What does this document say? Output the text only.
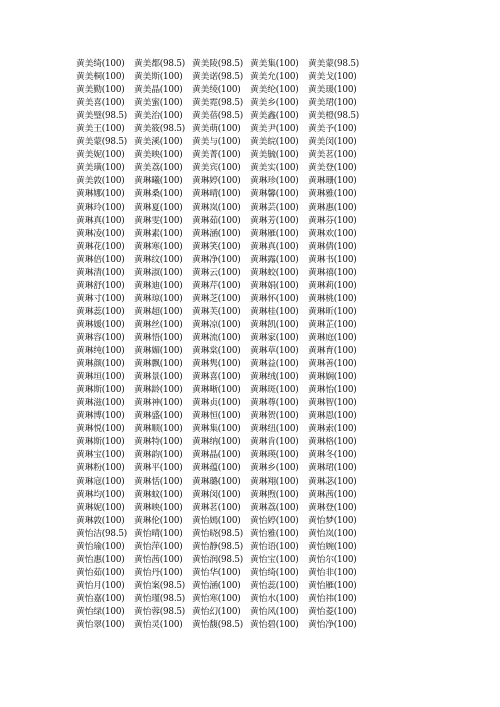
黄美绮(100)	黄美都(98.5) 黄美陵(98.5) 黄美集(100)	黄美蒙(98.5)
黄美桐(100)	黄美斯(100)	黄美诺(98.5) 黄美允(100)	黄美戈(100)
黄美勤(100)	黄美晶(100)	黄美绫(100)	黄美纶(100)	黄美瑗(100)
黄美喜(100)	黄美蜜(100)	黄美霓(98.5) 黄美乡(100)	黄美珺(100)
黄美璧(98.5) 黄美治(100)	黄美蓓(98.5) 黄美鑫(100)	黄美橙(98.5)
黄美王(100)	黄美筱(98.5) 黄美萌(100)	黄美尹(100)	黄美予(100)
黄美蒙(98.5) 黄美溪(100)	黄美与(100)	黄美皖(100)	黄美闵(100)
黄美妮(100)	黄美映(100)	黄美菁(100)	黄美毓(100)	黄美茗(100)
黄美璜(100)	黄美荔(100)	黄美宾(100)	黄美实(100)	黄美登(100)
黄美敦(100)	黄琳曦(100)	黄琳婷(100)	黄琳珍(100)	黄琳珊(100)
黄琳娜(100)	黄琳桑(100)	黄琳晴(100)	黄琳馨(100)	黄琳雅(100)
黄琳玲(100)	黄琳夏(100)	黄琳岚(100)	黄琳芸(100)	黄琳惠(100)
黄琳真(100)	黄琳雯(100)	黄琳茹(100)	黄琳芳(100)	黄琳芬(100)
黄琳凌(100)	黄琳素(100)	黄琳涵(100)	黄琳雁(100)	黄琳欢(100)
黄琳花(100)	黄琳寒(100)	黄琳笑(100)	黄琳真(100)	黄琳倩(100)
黄琳倍(100)	黄琳纹(100)	黄琳净(100)	黄琳露(100)	黄琳书(100)
黄琳清(100)	黄琳淑(100)	黄琳云(100)	黄琳蛟(100)	黄琳禧(100)
黄琳舒(100)	黄琳迪(100)	黄琳芹(100)	黄琳娟(100)	黄琳莉(100)
黄琳寸(100)	黄琳琼(100)	黄琳芝(100)	黄琳怀(100)	黄琳桃(100)
黄琳蕊(100)	黄琳超(100)	黄琳芙(100)	黄琳桂(100)	黄琳昕(100)
黄琳媛(100)	黄琳丝(100)	黄琳凉(100)	黄琳凯(100)	黄琳芷(100)
黄琳容(100)	黄琳悟(100)	黄琳流(100)	黄琳家(100)	黄琳庭(100)
黄琳纯(100)	黄琳媚(100)	黄琳棠(100)	黄琳草(100)	黄琳育(100)
黄琳颜(100)	黄琳飘(100)	黄琳隽(100)	黄琳益(100)	黄琳善(100)
黄琳垣(100)	黄琳景(100)	黄琳喜(100)	黄琳绒(100)	黄琳娴(100)
黄琳斯(100)	黄琳龄(100)	黄琳晰(100)	黄琳斑(100)	黄琳怡(100)
黄琳滋(100)	黄琳神(100)	黄琳贞(100)	黄琳尊(100)	黄琳智(100)
黄琳博(100)	黄琳盛(100)	黄琳恒(100)	黄琳贺(100)	黄琳恩(100)
黄琳悦(100)	黄琳顺(100)	黄琳集(100)	黄琳纽(100)	黄琳索(100)
黄琳斯(100)	黄琳特(100)	黄琳纳(100)	黄琳肯(100)	黄琳格(100)
黄琳宝(100)	黄琳韵(100)	黄琳晶(100)	黄琳瑛(100)	黄琳冬(100)
黄琳粉(100)	黄琳平(100)	黄琳蕴(100)	黄琳乡(100)	黄琳珺(100)
黄琳寇(100)	黄琳恬(100)	黄琳璐(100)	黄琳翔(100)	黄琳苾(100)
黄琳均(100)	黄琳蚊(100)	黄琳闵(100)	黄琳煦(100)	黄琳茜(100)
黄琳妮(100)	黄琳映(100)	黄琳茗(100)	黄琳荔(100)	黄琳登(100)
黄琳敦(100)	黄琳伦(100)	黄怡嫣(100)	黄怡婷(100)	黄怡梦(100)
黄怡洁(98.5) 黄怡晴(100)	黄怡晓(98.5) 黄怡雅(100)	黄怡岚(100)
黄怡瑜(100)	黄怡萍(100)	黄怡静(98.5) 黄怡语(100)	黄怡婉(100)
黄怡惠(100)	黄怡茜(100)	黄怡润(98.5) 黄怡宝(100)	黄怡尔(100)
黄怡茹(100)	黄怡丹(100)	黄怡华(100)	黄怡绮(100)	黄怡非(100)
黄怡月(100)	黄怡案(98.5) 黄怡涵(100)	黄怡蕊(100)	黄怡雁(100)
黄怡嘉(100)	黄怡瑾(98.5) 黄怡寒(100)	黄怡水(100)	黄怡祎(100)
黄怡绿(100)	黄怡蓉(98.5) 黄怡幻(100)	黄怡风(100)	黄怡菱(100)
黄怡翠(100)	黄怡灵(100)	黄怡馥(98.5) 黄怡碧(100)	黄怡净(100)
